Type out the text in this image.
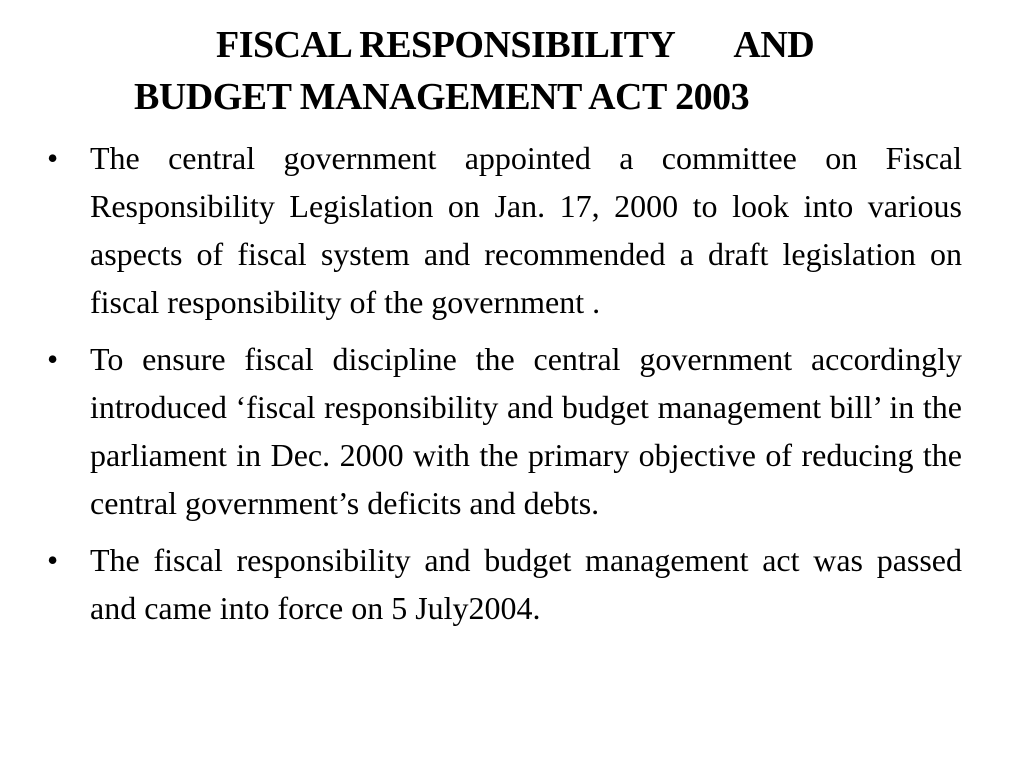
FISCAL RESPONSIBILITY AND
BUDGET MANAGEMENT ACT 2003
• The central government appointed a committee on Fiscal Responsibility Legislation on Jan. 17, 2000 to look into various aspects of fiscal system and recommended a draft legislation on fiscal responsibility of the government .
• To ensure fiscal discipline the central government accordingly introduced ‘fiscal responsibility and budget management bill’ in the parliament in Dec. 2000 with the primary objective of reducing the central government’s deficits and debts.
• The fiscal responsibility and budget management act was passed and came into force on 5 July2004.
